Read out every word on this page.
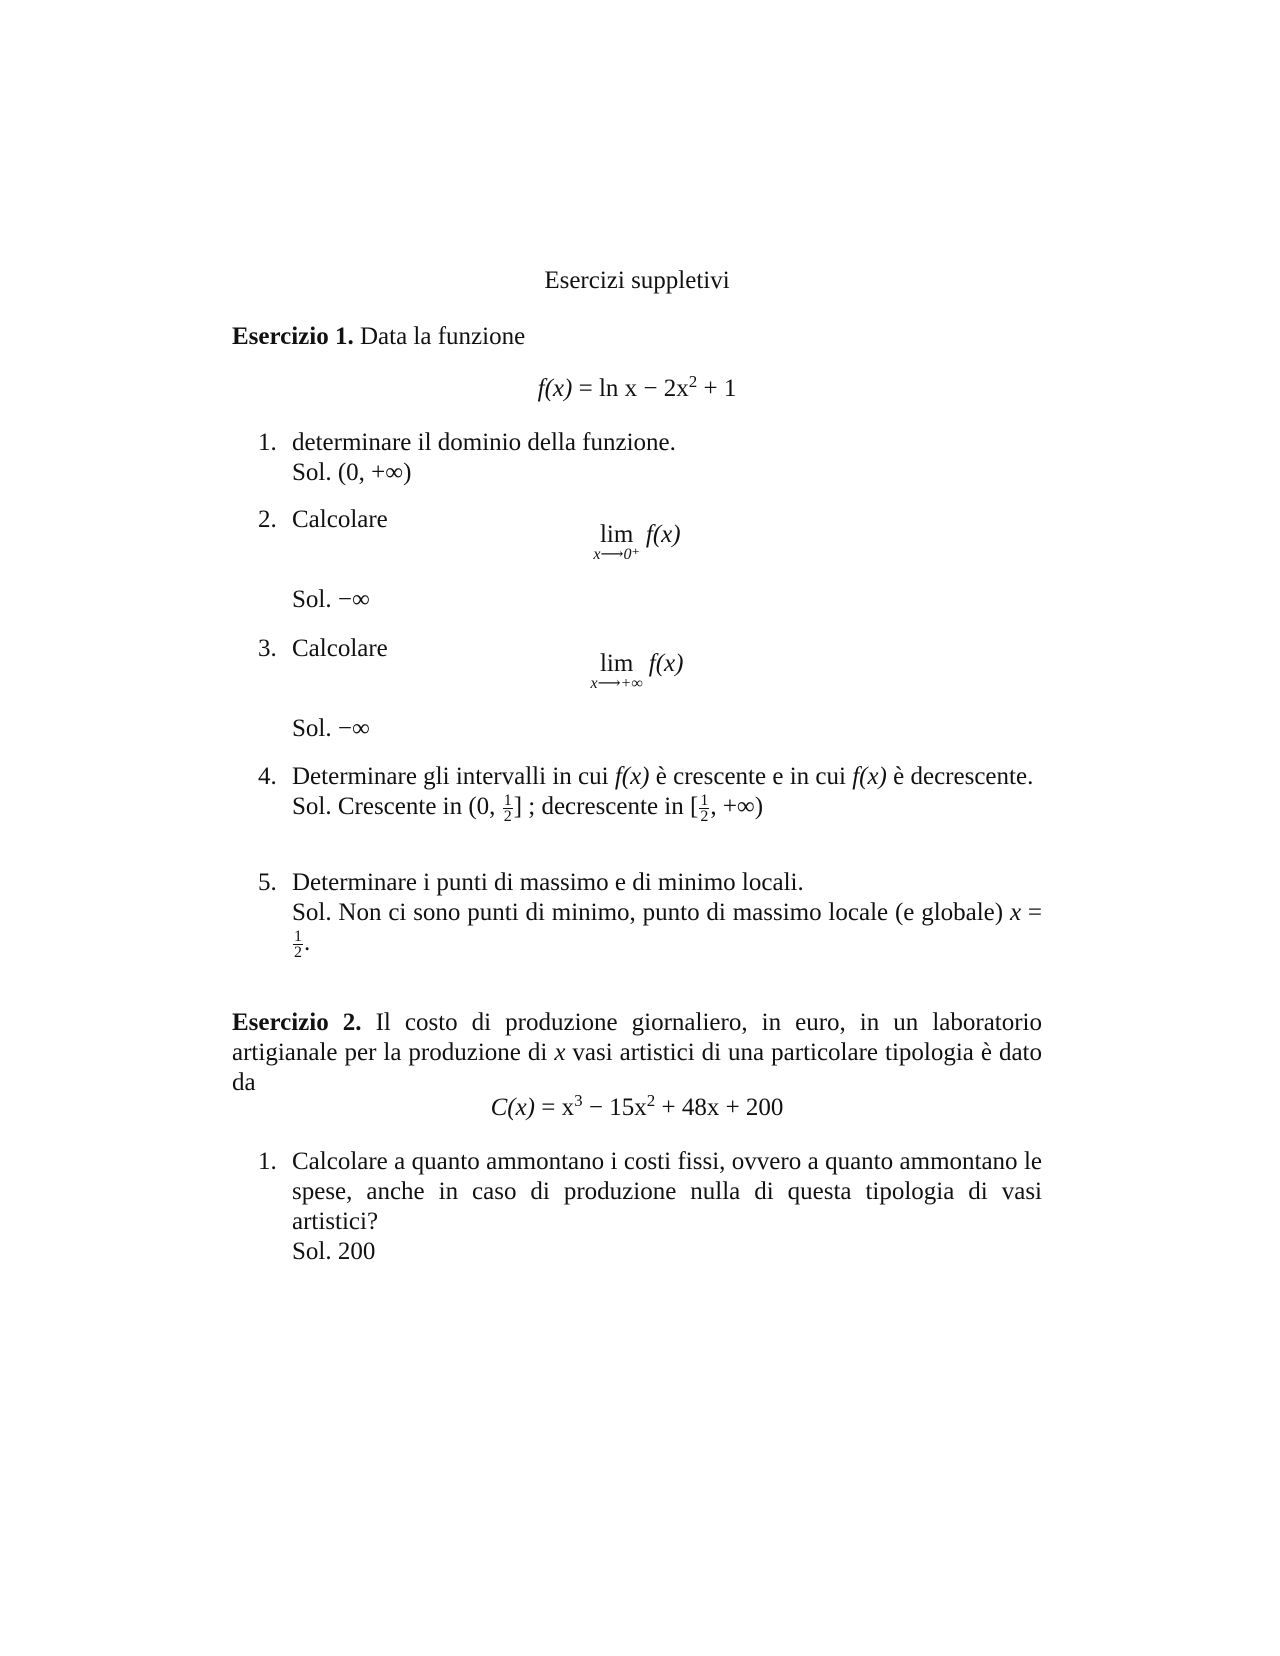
Esercizi suppletivi
Esercizio 1. Data la funzione
$f(x) = \ln x - 2x^2 + 1$
1. determinare il dominio della funzione.
Sol. (0, +∞)
2. Calcolare
lim
x⟶0⁺
f(x)
Sol. −∞
3. Calcolare
lim
x⟶+∞
f(x)
Sol. −∞
4. Determinare gli intervalli in cui f(x) è crescente e in cui f(x) è decrescente.
Sol. Crescente in (0, $\frac{1}{2}$ ] ; decrescente in [ $\frac{1}{2}$ , +∞)
5. Determinare i punti di massimo e di minimo locali.
Sol. Non ci sono punti di minimo, punto di massimo locale (e globale) x =
$\frac{1}{2}$ .
Esercizio 2. Il costo di produzione giornaliero, in euro, in un laboratorio artigianale per la produzione di x vasi artistici di una particolare tipologia è dato da
$C(x) = x^3 - 15x^2 + 48x + 200$
1. Calcolare a quanto ammontano i costi fissi, ovvero a quanto ammontano le spese, anche in caso di produzione nulla di questa tipologia di vasi artistici?
Sol. 200
